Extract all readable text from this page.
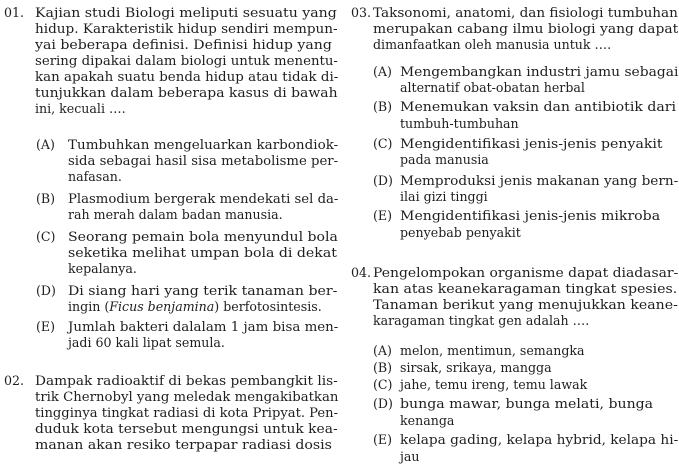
01. Kajian studi Biologi meliputi sesuatu yang
hidup. Karakteristik hidup sendiri mempun-
yai beberapa definisi. Definisi hidup yang
sering dipakai dalam biologi untuk menentu-
kan apakah suatu benda hidup atau tidak di-
tunjukkan dalam beberapa kasus di bawah
ini, kecuali ….
(A) Tumbuhkan mengeluarkan karbondiok-
sida sebagai hasil sisa metabolisme per-
nafasan.
(B) Plasmodium bergerak mendekati sel da-
rah merah dalam badan manusia.
(C) Seorang pemain bola menyundul bola
seketika melihat umpan bola di dekat
kepalanya.
(D) Di siang hari yang terik tanaman ber-
ingin (Ficus benjamina) berfotosintesis.
(E) Jumlah bakteri dalalam 1 jam bisa men-
jadi 60 kali lipat semula.
02. Dampak radioaktif di bekas pembangkit lis-
trik Chernobyl yang meledak mengakibatkan
tingginya tingkat radiasi di kota Pripyat. Pen-
duduk kota tersebut mengungsi untuk kea-
manan akan resiko terpapar radiasi dosis
03. Taksonomi, anatomi, dan fisiologi tumbuhan
merupakan cabang ilmu biologi yang dapat
dimanfaatkan oleh manusia untuk ….
(A) Mengembangkan industri jamu sebagai
alternatif obat-obatan herbal
(B) Menemukan vaksin dan antibiotik dari
tumbuh-tumbuhan
(C) Mengidentifikasi jenis-jenis penyakit
pada manusia
(D) Memproduksi jenis makanan yang bern-
ilai gizi tinggi
(E) Mengidentifikasi jenis-jenis mikroba
penyebab penyakit
04. Pengelompokan organisme dapat diadasar-
kan atas keanekaragaman tingkat spesies.
Tanaman berikut yang menujukkan keane-
karagaman tingkat gen adalah ….
(A) melon, mentimun, semangka
(B) sirsak, srikaya, mangga
(C) jahe, temu ireng, temu lawak
(D) bunga mawar, bunga melati, bunga
kenanga
(E) kelapa gading, kelapa hybrid, kelapa hi-
jau
